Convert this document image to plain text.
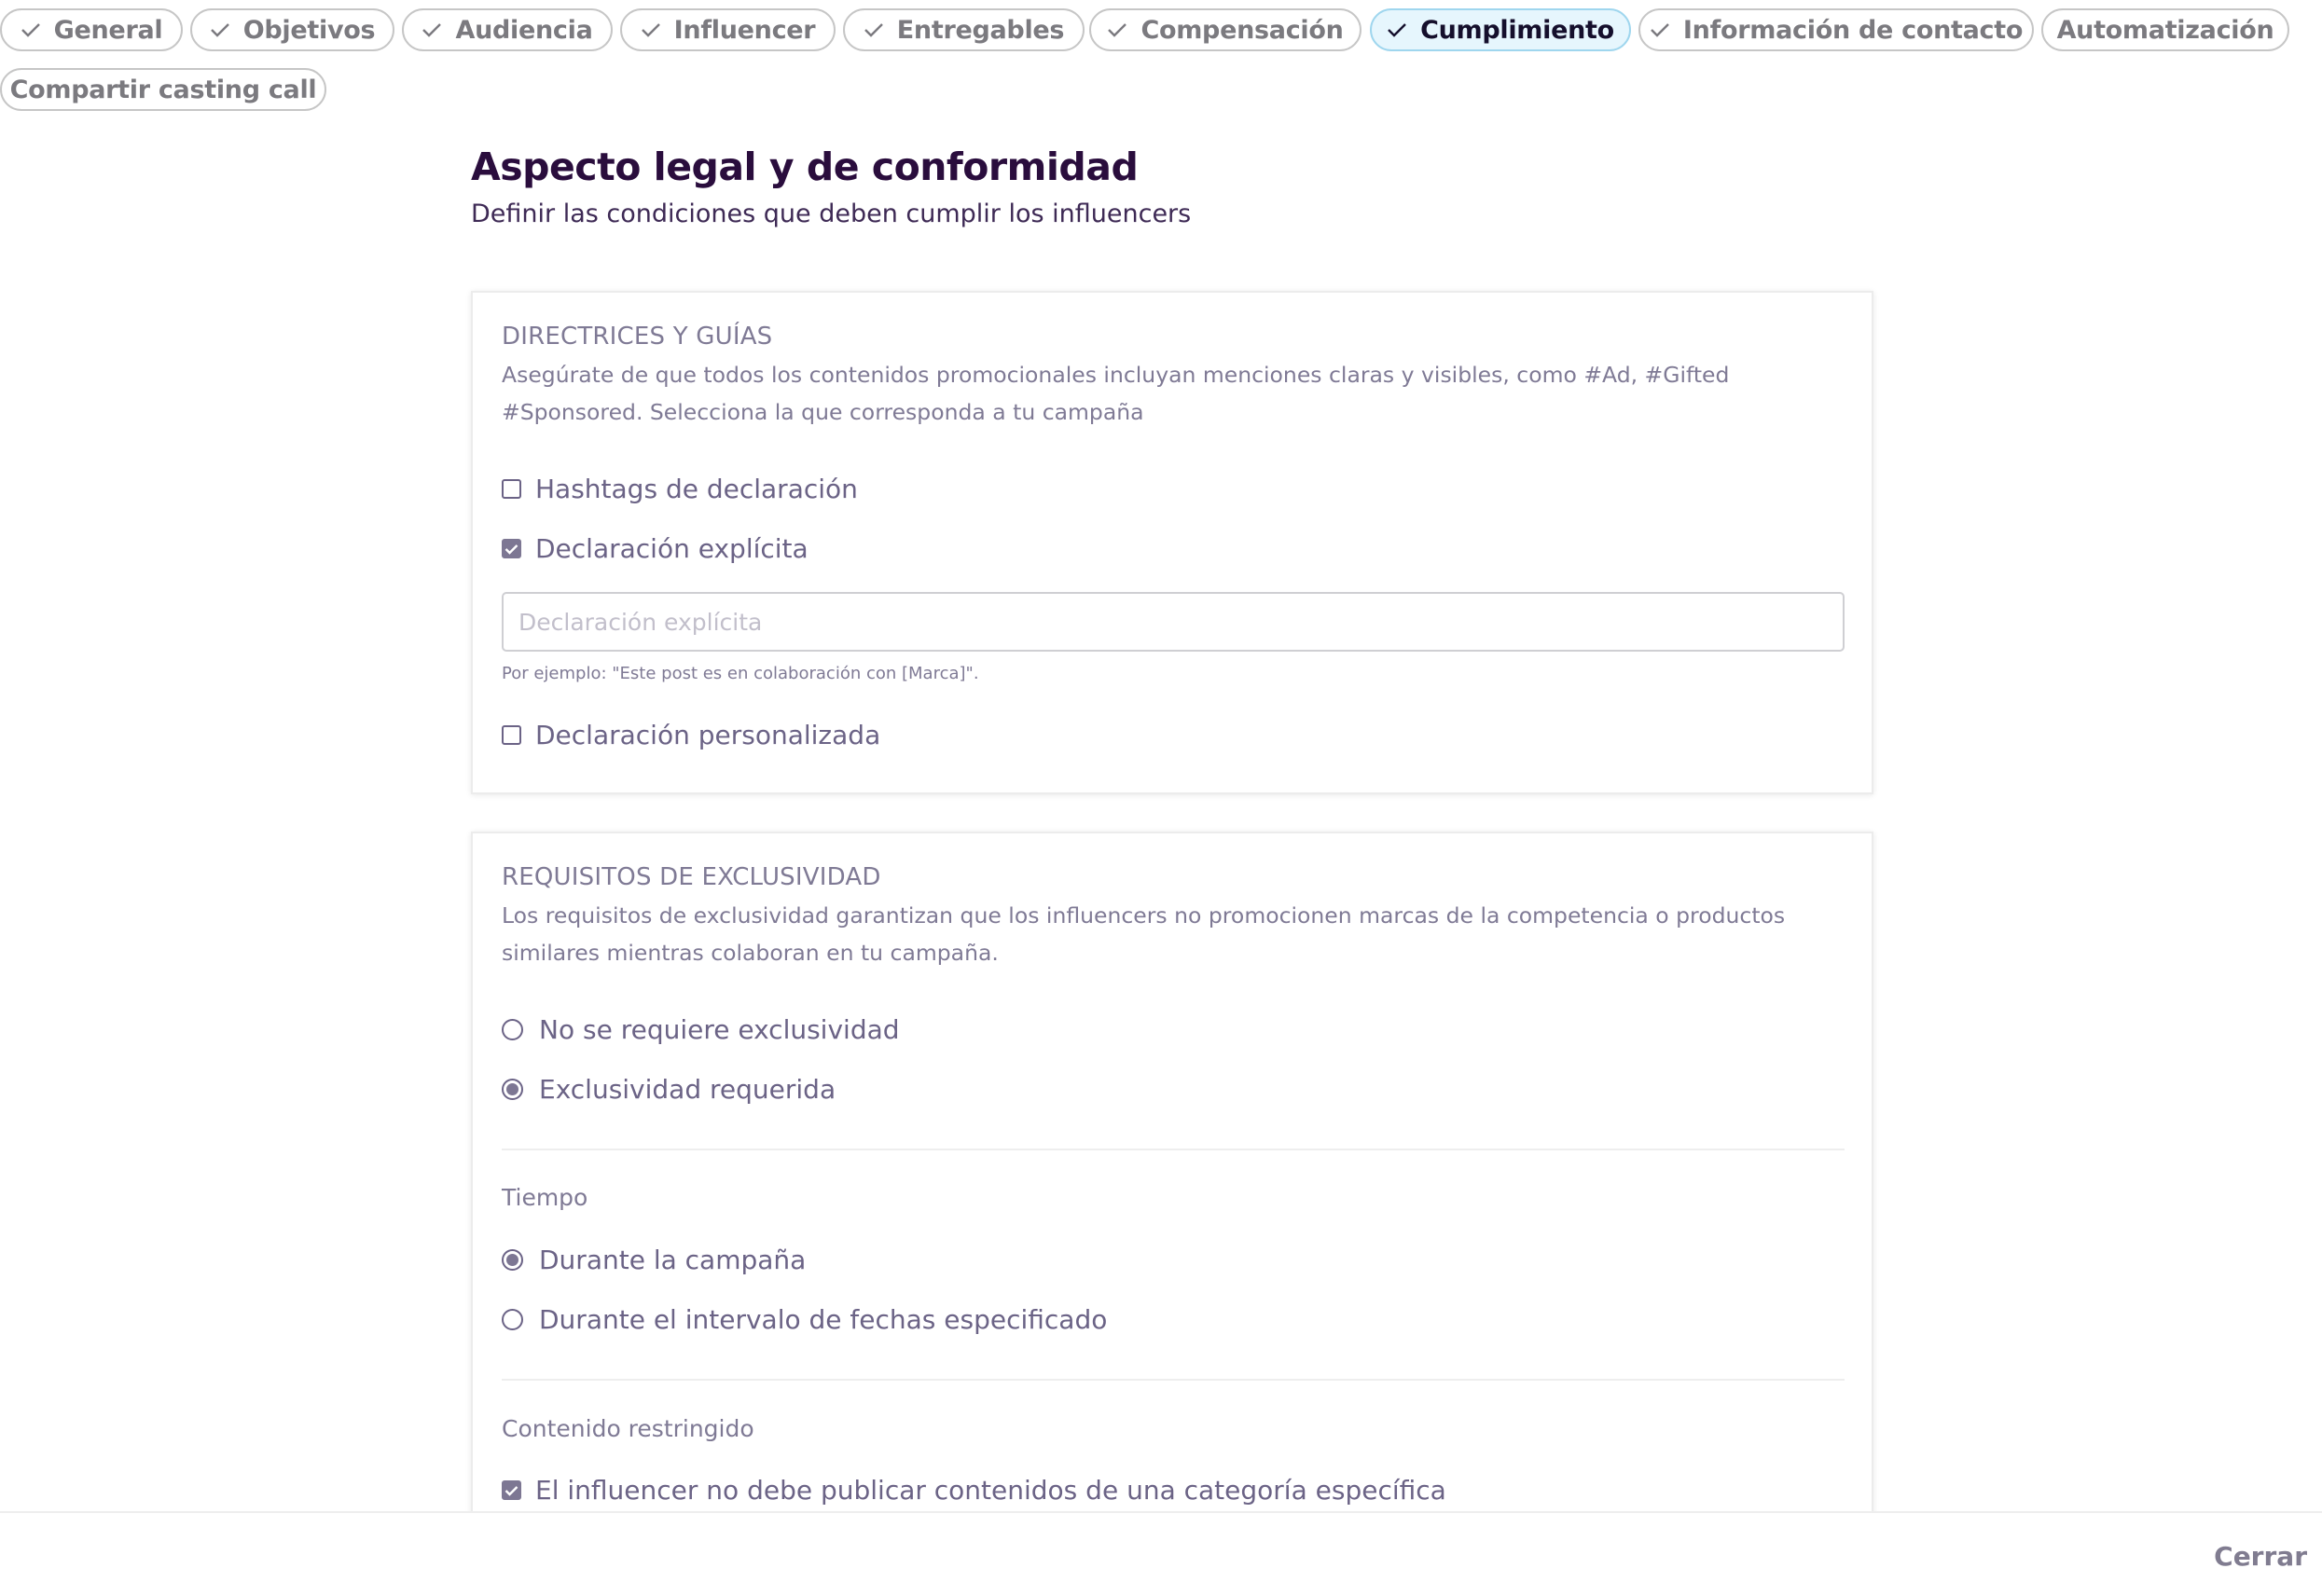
General	Objetivos	Audiencia	Influencer	Entregables	Compensación	Cumplimiento	Información de contacto Automatización
Compartir casting call
Aspecto legal y de conformidad

Definir las condiciones que deben cumplir los influencers

DIRECTRICES Y GUÍAS

Asegúrate de que todos los contenidos promocionales incluyan menciones claras y visibles, como #Ad, #Gifted #Sponsored. Selecciona la que corresponda a tu campaña

Hashtags de declaración
Declaración explícita
Declaración explícita

Por ejemplo: "Este post es en colaboración con [Marca]".

Declaración personalizada

REQUISITOS DE EXCLUSIVIDAD

Los requisitos de exclusividad garantizan que los influencers no promocionen marcas de la competencia o productos similares mientras colaboran en tu campaña.

No se requiere exclusividad
Exclusividad requerida

Tiempo

Durante la campaña
Durante el intervalo de fechas especificado

Contenido restringido

El influencer no debe publicar contenidos de una categoría específica
Cerrar
